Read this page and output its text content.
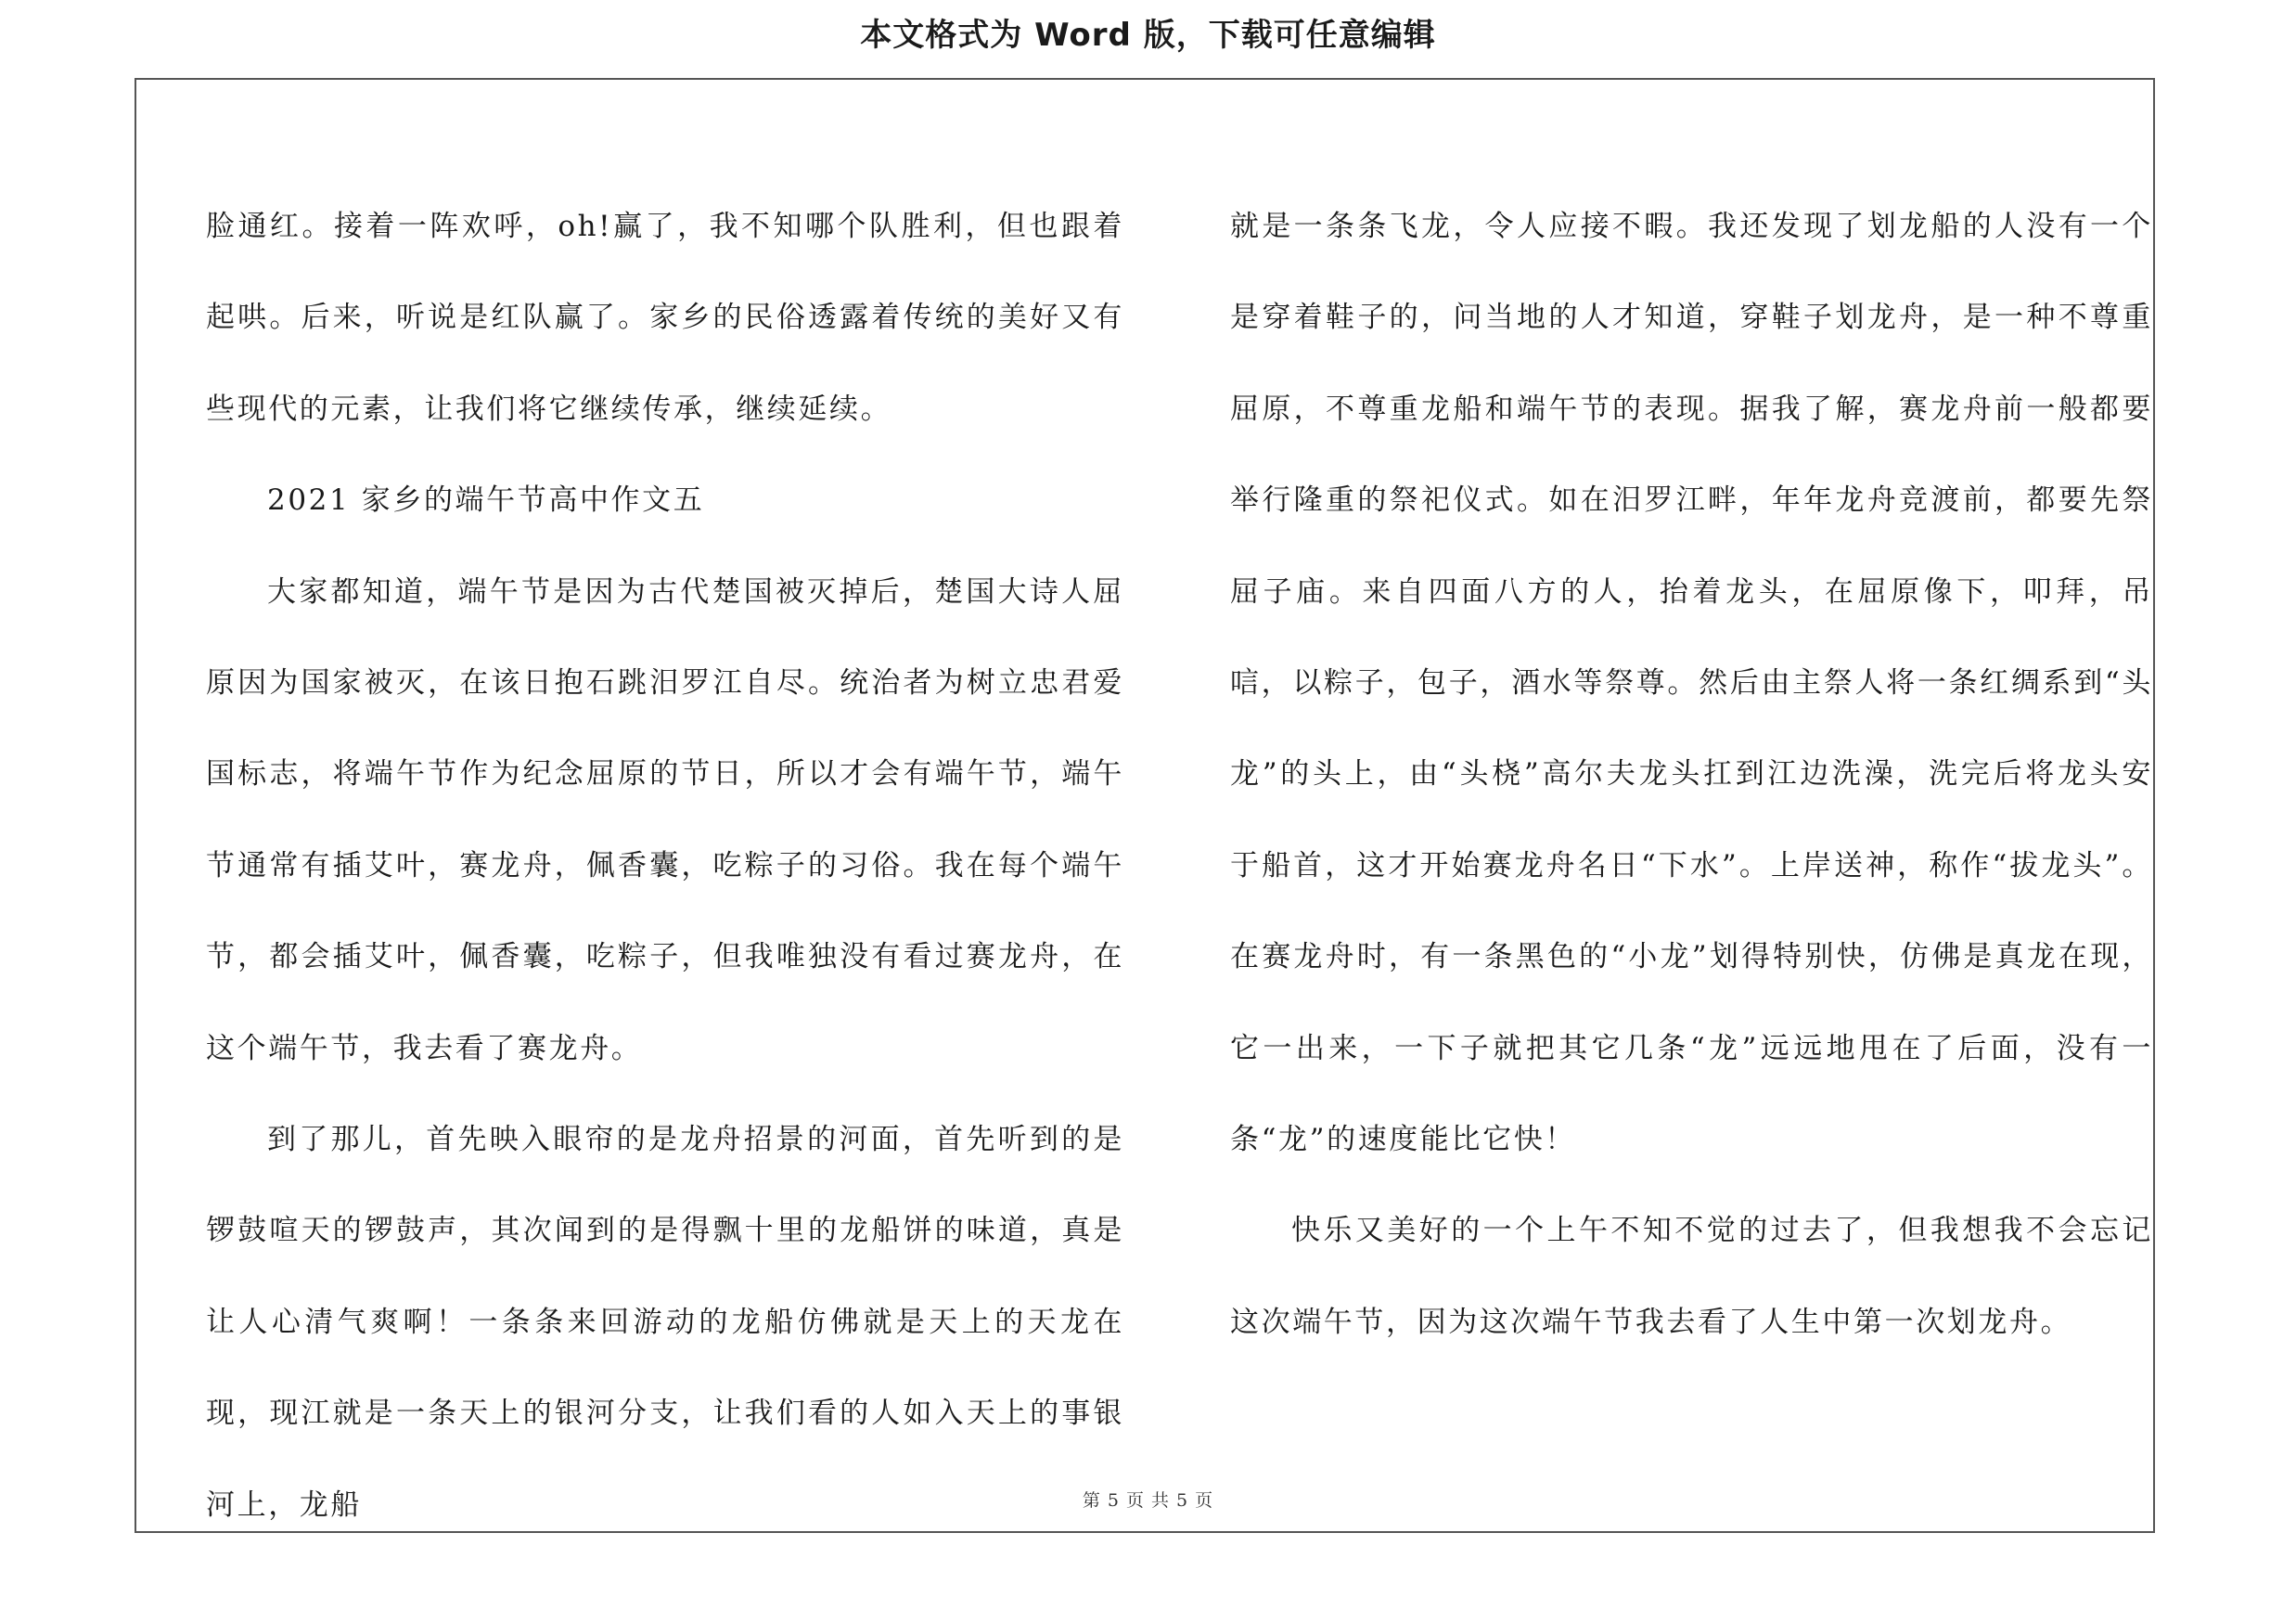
本文格式为 Word 版，下载可任意编辑

脸通红。接着一阵欢呼，oh!赢了，我不知哪个队胜利，但也跟着起哄。后来，听说是红队赢了。家乡的民俗透露着传统的美好又有些现代的元素，让我们将它继续传承，继续延续。

2021 家乡的端午节高中作文五

大家都知道，端午节是因为古代楚国被灭掉后，楚国大诗人屈原因为国家被灭，在该日抱石跳汨罗江自尽。统治者为树立忠君爱国标志，将端午节作为纪念屈原的节日，所以才会有端午节，端午节通常有插艾叶，赛龙舟，佩香囊，吃粽子的习俗。我在每个端午节，都会插艾叶，佩香囊，吃粽子，但我唯独没有看过赛龙舟，在这个端午节，我去看了赛龙舟。

到了那儿，首先映入眼帘的是龙舟招景的河面，首先听到的是锣鼓喧天的锣鼓声，其次闻到的是得飘十里的龙船饼的味道，真是让人心清气爽啊！一条条来回游动的龙船仿佛就是天上的天龙在现，现江就是一条天上的银河分支，让我们看的人如入天上的事银河上，龙船

就是一条条飞龙，令人应接不暇。我还发现了划龙船的人没有一个是穿着鞋子的，问当地的人才知道，穿鞋子划龙舟，是一种不尊重屈原，不尊重龙船和端午节的表现。据我了解，赛龙舟前一般都要举行隆重的祭祀仪式。如在汨罗江畔，年年龙舟竞渡前，都要先祭屈子庙。来自四面八方的人，抬着龙头，在屈原像下，叩拜，吊唁，以粽子，包子，酒水等祭尊。然后由主祭人将一条红绸系到“头龙”的头上，由“头桡”高尔夫龙头扛到江边洗澡，洗完后将龙头安于船首，这才开始赛龙舟名日“下水”。上岸送神，称作“拔龙头”。在赛龙舟时，有一条黑色的“小龙”划得特别快，仿佛是真龙在现，它一出来，一下子就把其它几条“龙”远远地甩在了后面，没有一条“龙”的速度能比它快！

快乐又美好的一个上午不知不觉的过去了，但我想我不会忘记这次端午节，因为这次端午节我去看了人生中第一次划龙舟。

第 5 页 共 5 页
